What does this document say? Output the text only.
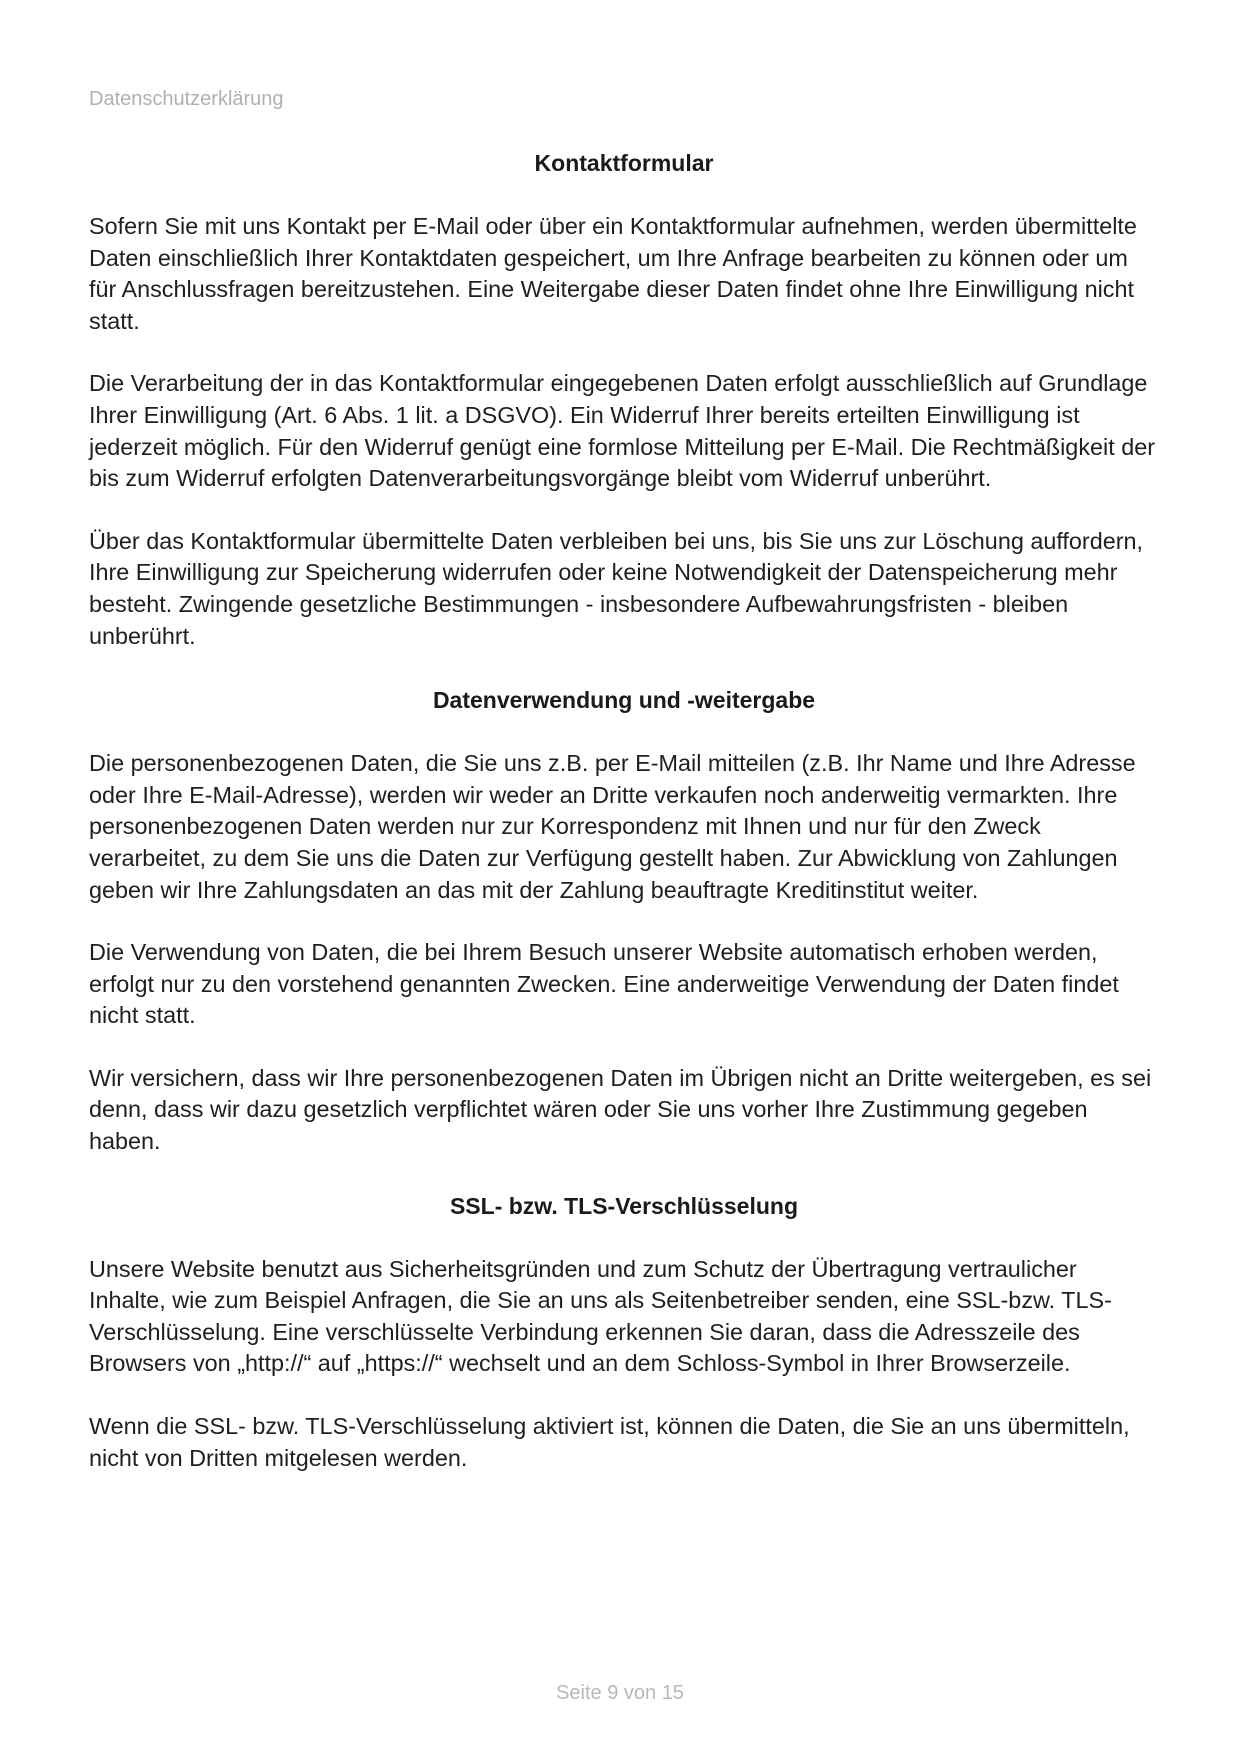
Datenschutzerklärung
Kontaktformular

Sofern Sie mit uns Kontakt per E-Mail oder über ein Kontaktformular aufnehmen, werden übermittelte Daten einschließlich Ihrer Kontaktdaten gespeichert, um Ihre Anfrage bearbeiten zu können oder um für Anschlussfragen bereitzustehen. Eine Weitergabe dieser Daten findet ohne Ihre Einwilligung nicht statt.

Die Verarbeitung der in das Kontaktformular eingegebenen Daten erfolgt ausschließlich auf Grundlage Ihrer Einwilligung (Art. 6 Abs. 1 lit. a DSGVO). Ein Widerruf Ihrer bereits erteilten Einwilligung ist jederzeit möglich. Für den Widerruf genügt eine formlose Mitteilung per E-Mail. Die Rechtmäßigkeit der bis zum Widerruf erfolgten Datenverarbeitungsvorgänge bleibt vom Widerruf unberührt.

Über das Kontaktformular übermittelte Daten verbleiben bei uns, bis Sie uns zur Löschung auffordern, Ihre Einwilligung zur Speicherung widerrufen oder keine Notwendigkeit der Datenspeicherung mehr besteht. Zwingende gesetzliche Bestimmungen - insbesondere Aufbewahrungsfristen - bleiben unberührt.

Datenverwendung und -weitergabe

Die personenbezogenen Daten, die Sie uns z.B. per E-Mail mitteilen (z.B. Ihr Name und Ihre Adresse oder Ihre E-Mail-Adresse), werden wir weder an Dritte verkaufen noch anderweitig vermarkten. Ihre personenbezogenen Daten werden nur zur Korrespondenz mit Ihnen und nur für den Zweck verarbeitet, zu dem Sie uns die Daten zur Verfügung gestellt haben. Zur Abwicklung von Zahlungen geben wir Ihre Zahlungsdaten an das mit der Zahlung beauftragte Kreditinstitut weiter.

Die Verwendung von Daten, die bei Ihrem Besuch unserer Website automatisch erhoben werden, erfolgt nur zu den vorstehend genannten Zwecken. Eine anderweitige Verwendung der Daten findet nicht statt.

Wir versichern, dass wir Ihre personenbezogenen Daten im Übrigen nicht an Dritte weitergeben, es sei denn, dass wir dazu gesetzlich verpflichtet wären oder Sie uns vorher Ihre Zustimmung gegeben haben.

SSL- bzw. TLS-Verschlüsselung

Unsere Website benutzt aus Sicherheitsgründen und zum Schutz der Übertragung vertraulicher Inhalte, wie zum Beispiel Anfragen, die Sie an uns als Seitenbetreiber senden, eine SSL-bzw. TLS-Verschlüsselung. Eine verschlüsselte Verbindung erkennen Sie daran, dass die Adresszeile des Browsers von „http://“ auf „https://“ wechselt und an dem Schloss-Symbol in Ihrer Browserzeile.

Wenn die SSL- bzw. TLS-Verschlüsselung aktiviert ist, können die Daten, die Sie an uns übermitteln, nicht von Dritten mitgelesen werden.

Seite 9 von 15
